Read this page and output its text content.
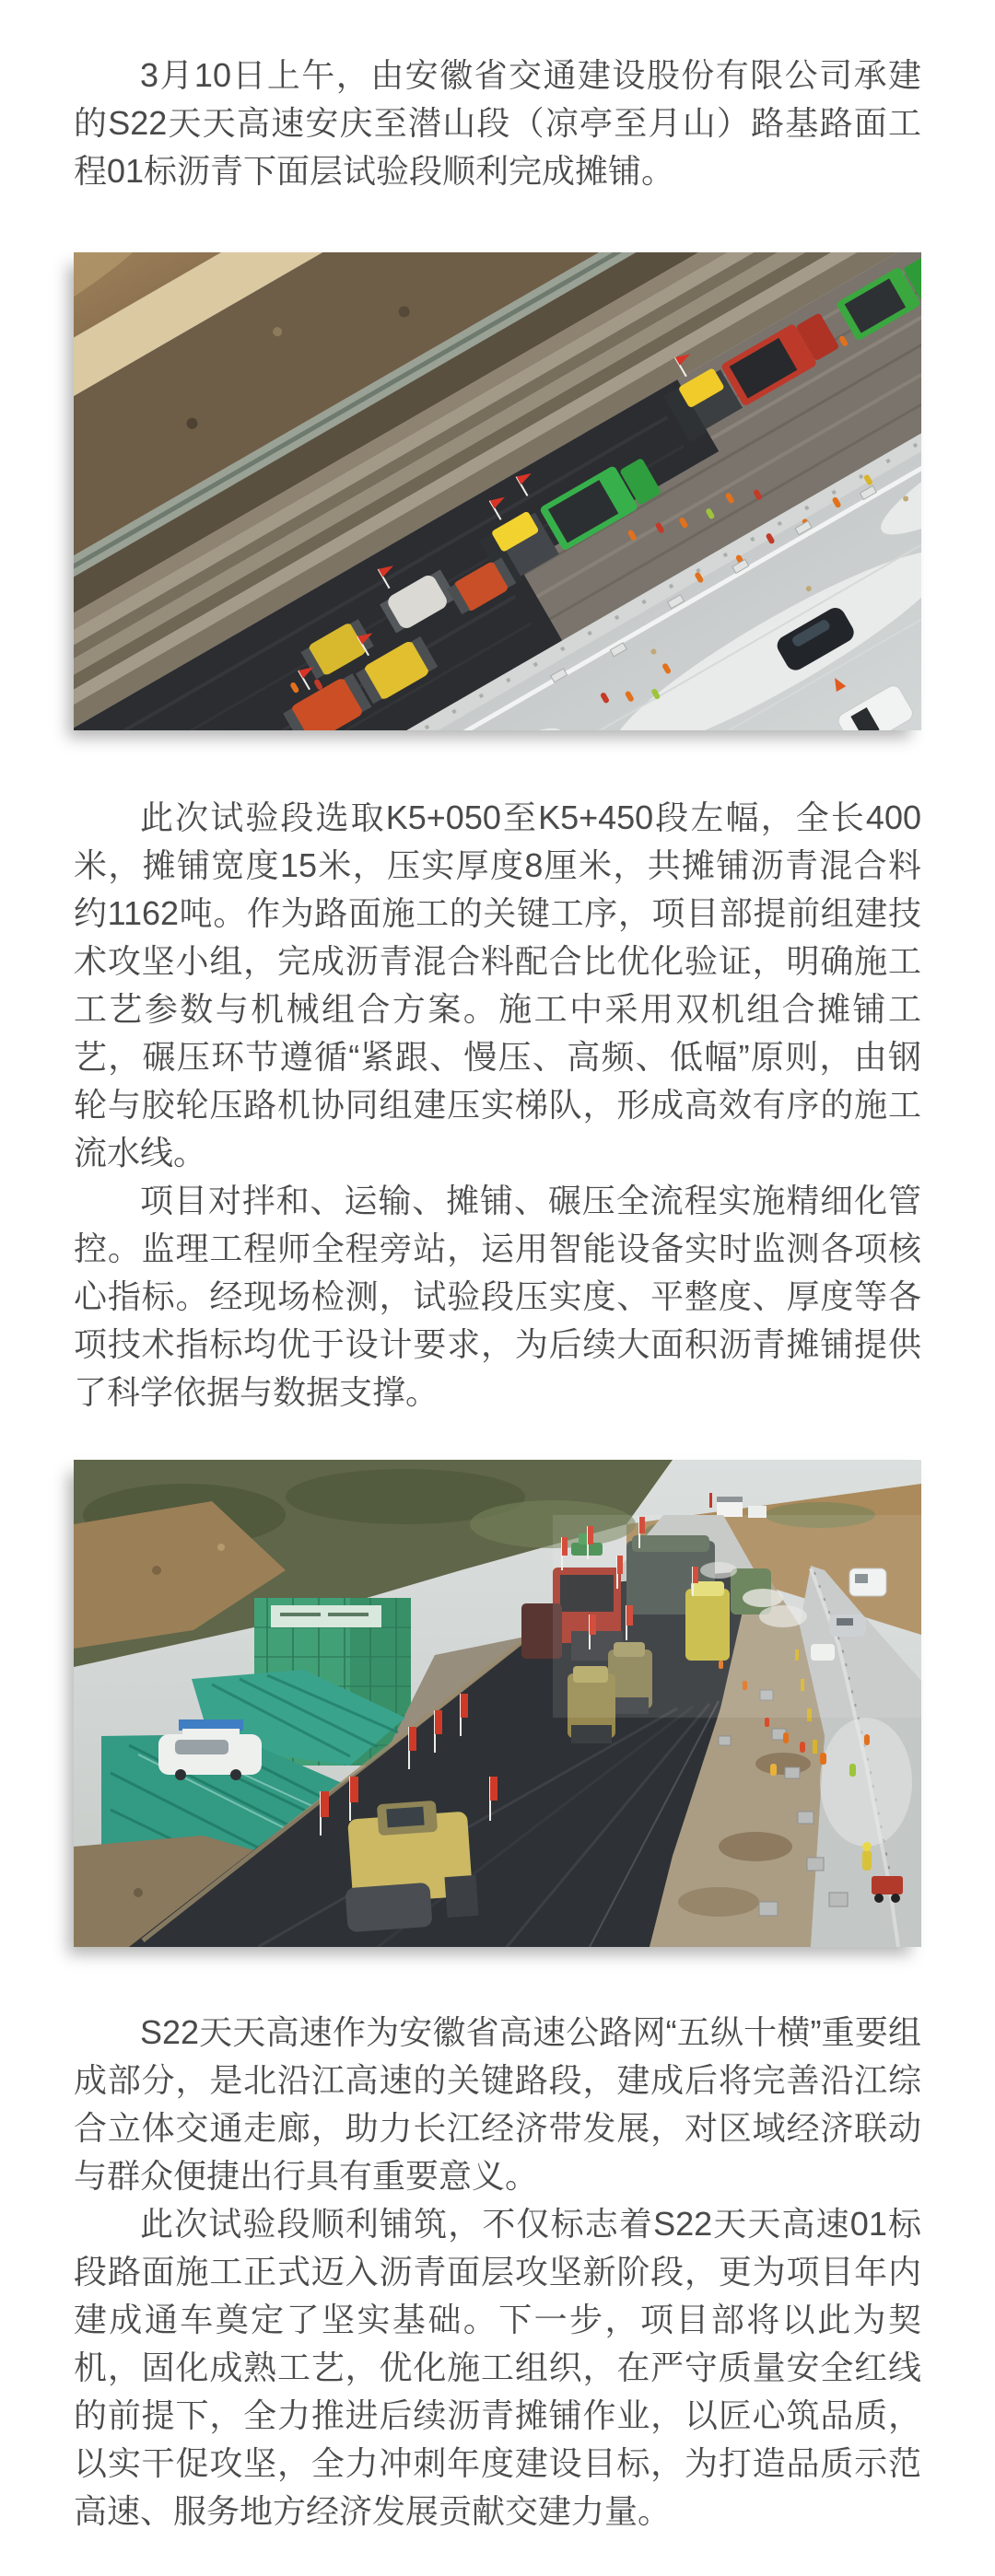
3月10日上午，由安徽省交通建设股份有限公司承建的S22天天高速安庆至潜山段（凉亭至月山）路基路面工程01标沥青下面层试验段顺利完成摊铺。

此次试验段选取K5+050至K5+450段左幅，全长400米，摊铺宽度15米，压实厚度8厘米，共摊铺沥青混合料约1162吨。作为路面施工的关键工序，项目部提前组建技术攻坚小组，完成沥青混合料配合比优化验证，明确施工工艺参数与机械组合方案。施工中采用双机组合摊铺工艺，碾压环节遵循“紧跟、慢压、高频、低幅”原则，由钢轮与胶轮压路机协同组建压实梯队，形成高效有序的施工流水线。

项目对拌和、运输、摊铺、碾压全流程实施精细化管控。监理工程师全程旁站，运用智能设备实时监测各项核心指标。经现场检测，试验段压实度、平整度、厚度等各项技术指标均优于设计要求，为后续大面积沥青摊铺提供了科学依据与数据支撑。

S22天天高速作为安徽省高速公路网“五纵十横”重要组成部分，是北沿江高速的关键路段，建成后将完善沿江综合立体交通走廊，助力长江经济带发展，对区域经济联动与群众便捷出行具有重要意义。

此次试验段顺利铺筑，不仅标志着S22天天高速01标段路面施工正式迈入沥青面层攻坚新阶段，更为项目年内建成通车奠定了坚实基础。下一步，项目部将以此为契机，固化成熟工艺，优化施工组织，在严守质量安全红线的前提下，全力推进后续沥青摊铺作业，以匠心筑品质，以实干促攻坚，全力冲刺年度建设目标，为打造品质示范高速、服务地方经济发展贡献交建力量。
